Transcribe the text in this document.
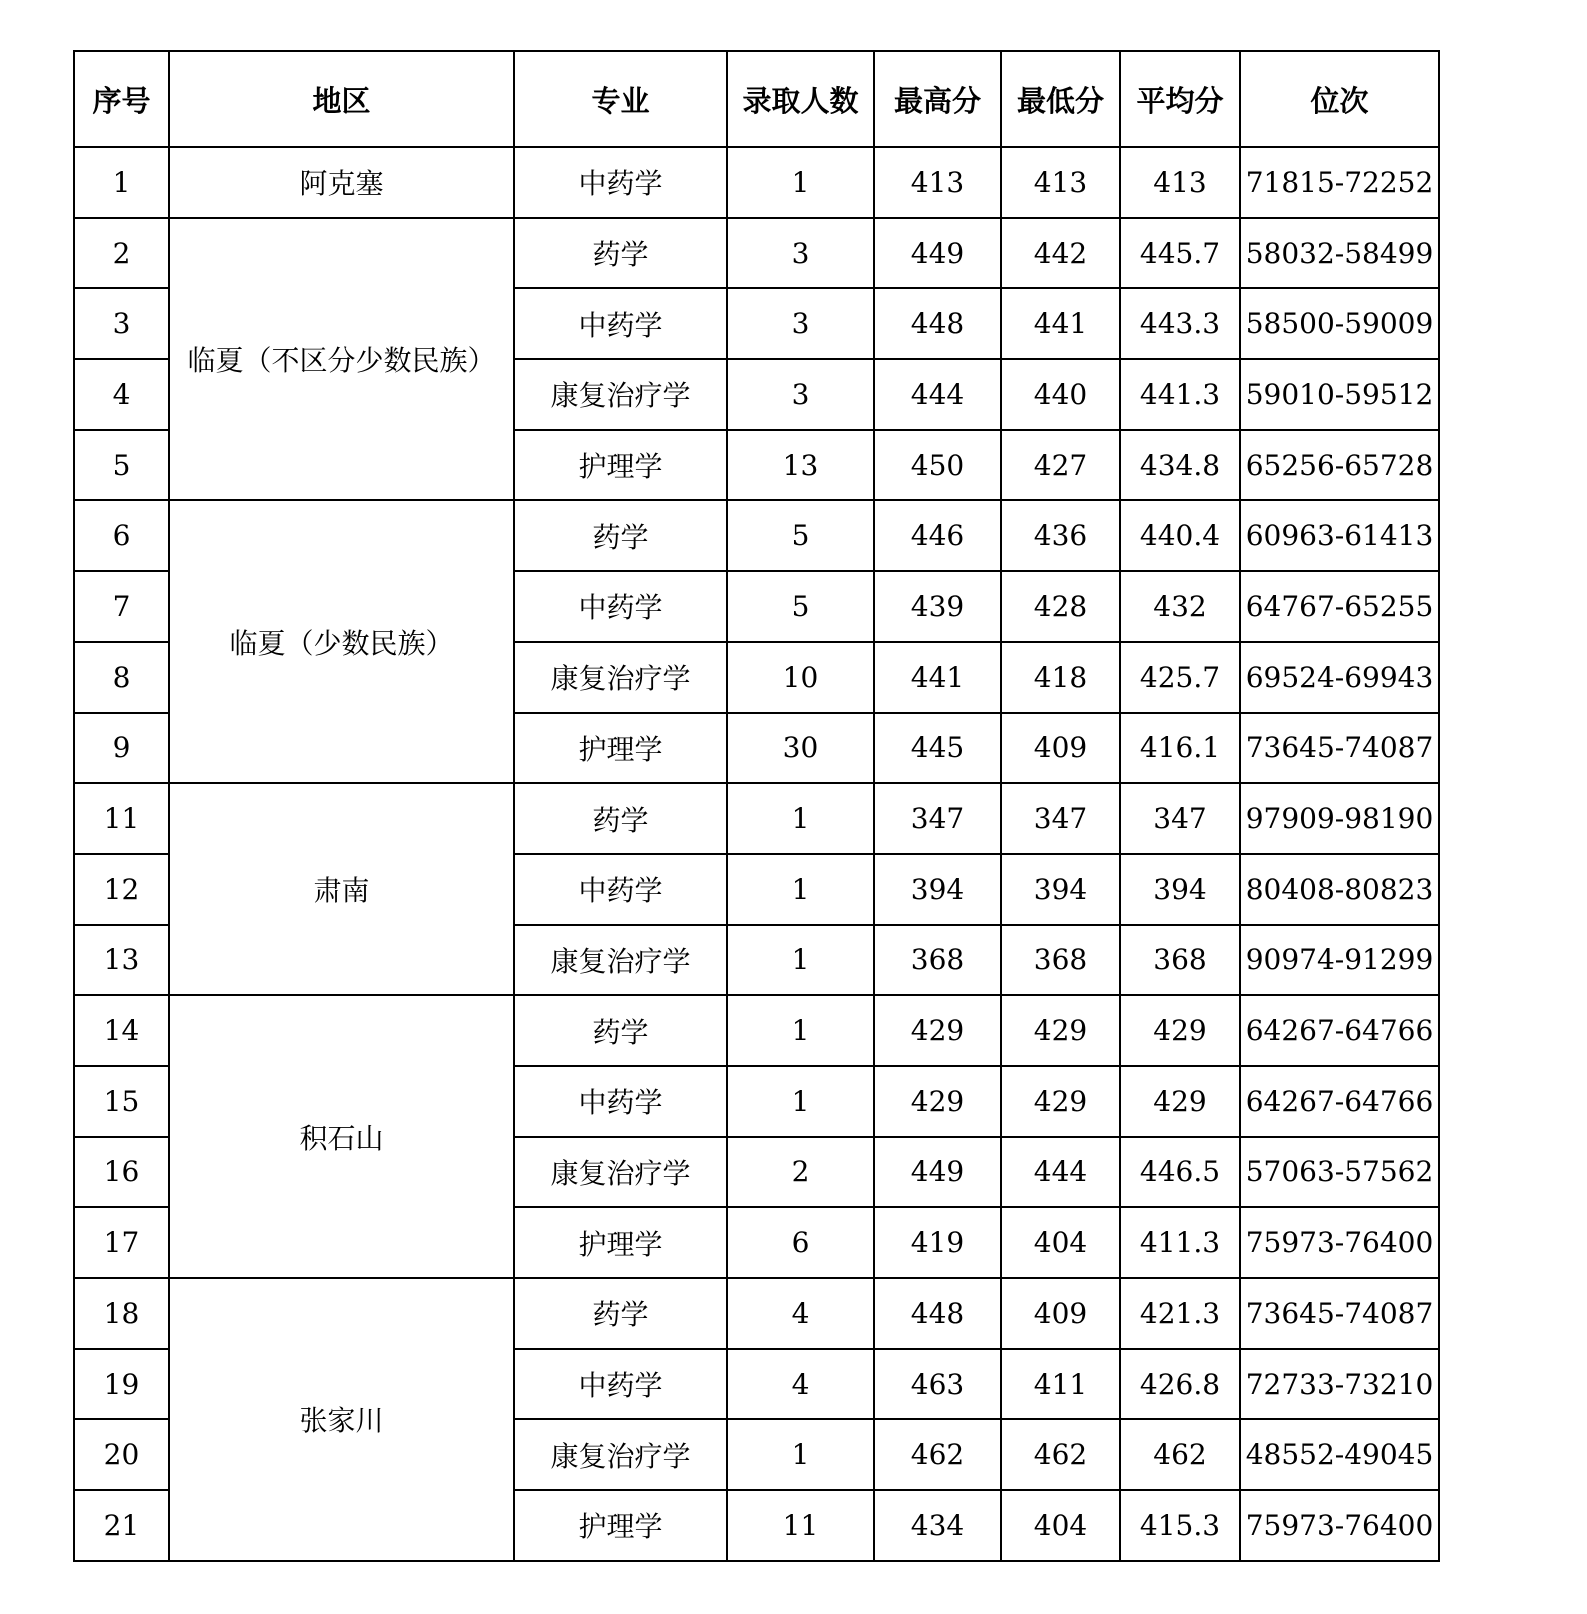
序号	地区	专业	录取人数	最高分	最低分	平均分	位次
1	阿克塞	中药学	1	413	413	413	71815-72252
2	临夏（不区分少数民族）	药学	3	449	442	445.7	58032-58499
3		中药学	3	448	441	443.3	58500-59009
4		康复治疗学	3	444	440	441.3	59010-59512
5		护理学	13	450	427	434.8	65256-65728
6	临夏（少数民族）	药学	5	446	436	440.4	60963-61413
7		中药学	5	439	428	432	64767-65255
8		康复治疗学	10	441	418	425.7	69524-69943
9		护理学	30	445	409	416.1	73645-74087
11	肃南	药学	1	347	347	347	97909-98190
12		中药学	1	394	394	394	80408-80823
13		康复治疗学	1	368	368	368	90974-91299
14	积石山	药学	1	429	429	429	64267-64766
15		中药学	1	429	429	429	64267-64766
16		康复治疗学	2	449	444	446.5	57063-57562
17		护理学	6	419	404	411.3	75973-76400
18	张家川	药学	4	448	409	421.3	73645-74087
19		中药学	4	463	411	426.8	72733-73210
20		康复治疗学	1	462	462	462	48552-49045
21		护理学	11	434	404	415.3	75973-76400
